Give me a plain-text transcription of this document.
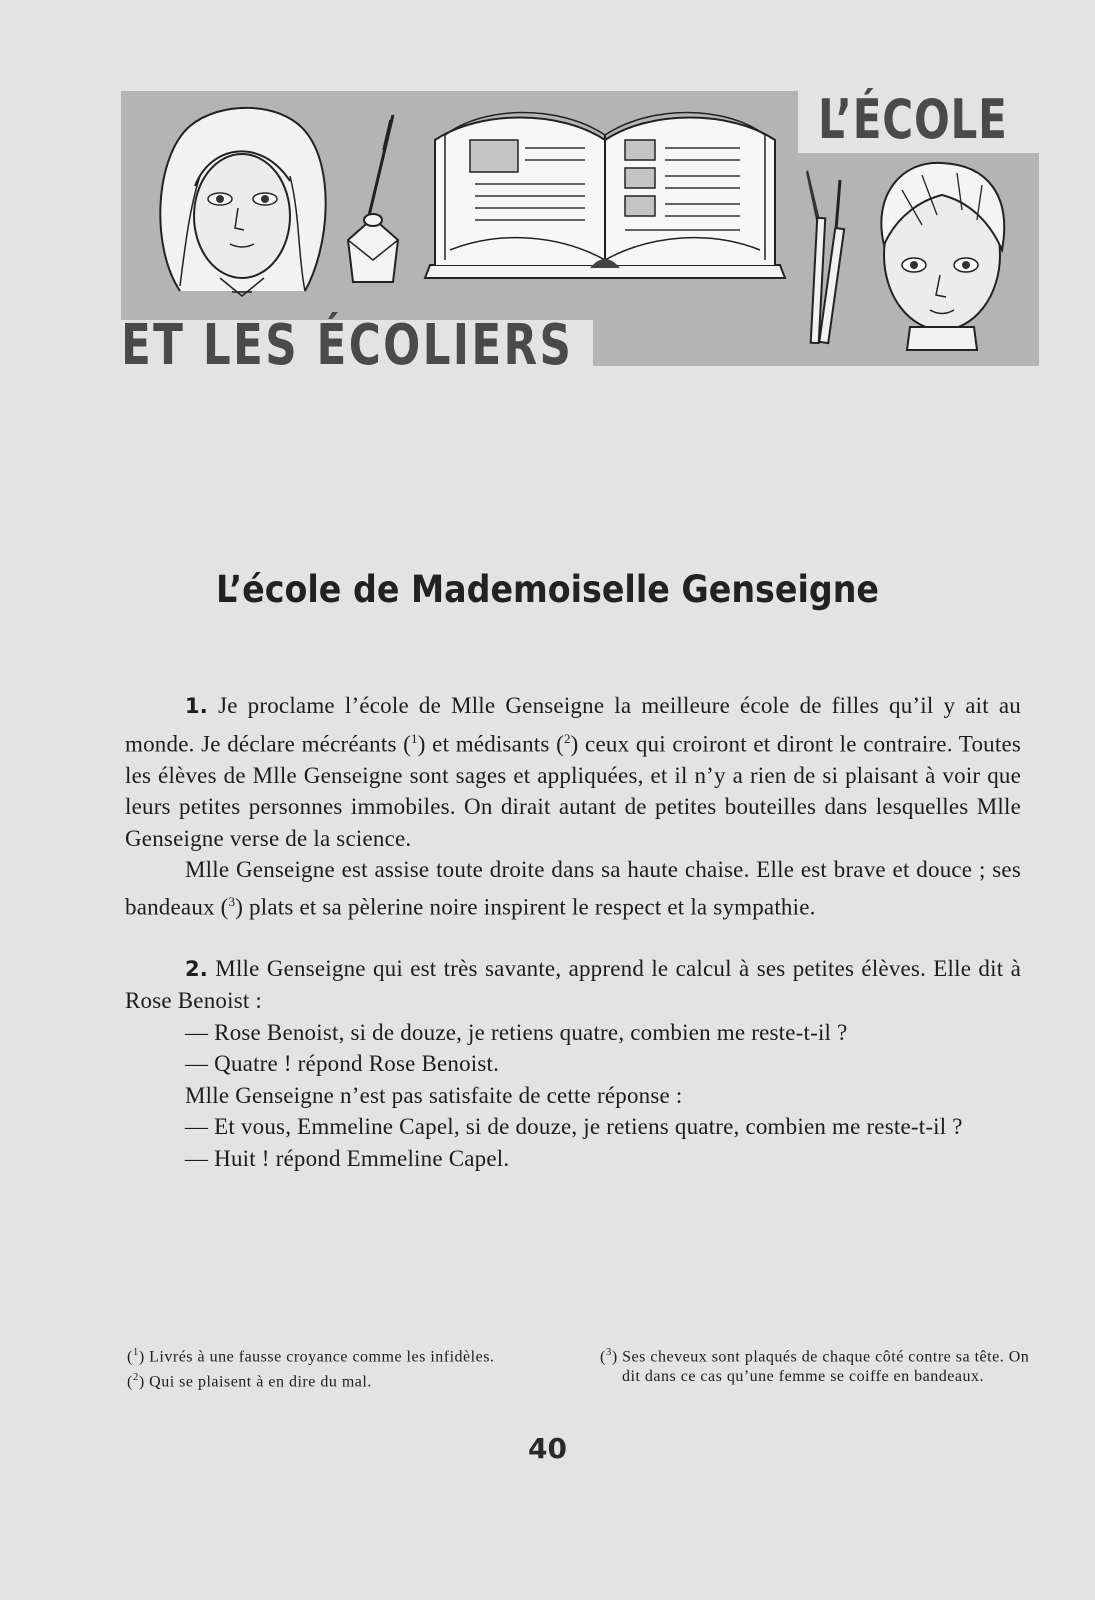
L’ÉCOLE
ET LES ÉCOLIERS
L’école de Mademoiselle Genseigne

1. Je proclame l’école de Mlle Genseigne la meilleure école de filles qu’il y ait au monde. Je déclare mécréants ($^1$) et médisants ($^2$) ceux qui croiront et diront le contraire. Toutes les élèves de Mlle Genseigne sont sages et appliquées, et il n’y a rien de si plaisant à voir que leurs petites personnes immobiles. On dirait autant de petites bouteilles dans lesquelles Mlle Genseigne verse de la science.

Mlle Genseigne est assise toute droite dans sa haute chaise. Elle est brave et douce ; ses bandeaux ($^3$) plats et sa pèlerine noire inspirent le respect et la sympathie.

2. Mlle Genseigne qui est très savante, apprend le calcul à ses petites élèves. Elle dit à Rose Benoist :

— Rose Benoist, si de douze, je retiens quatre, combien me reste-t-il ?

— Quatre ! répond Rose Benoist.

Mlle Genseigne n’est pas satisfaite de cette réponse :

— Et vous, Emmeline Capel, si de douze, je retiens quatre, combien me reste-t-il ?

— Huit ! répond Emmeline Capel.

($^1$) Livrés à une fausse croyance comme les infidèles.

($^2$) Qui se plaisent à en dire du mal.

($^3$) Ses cheveux sont plaqués de chaque côté contre sa tête. On dit dans ce cas qu’une femme se coiffe en bandeaux.

40
